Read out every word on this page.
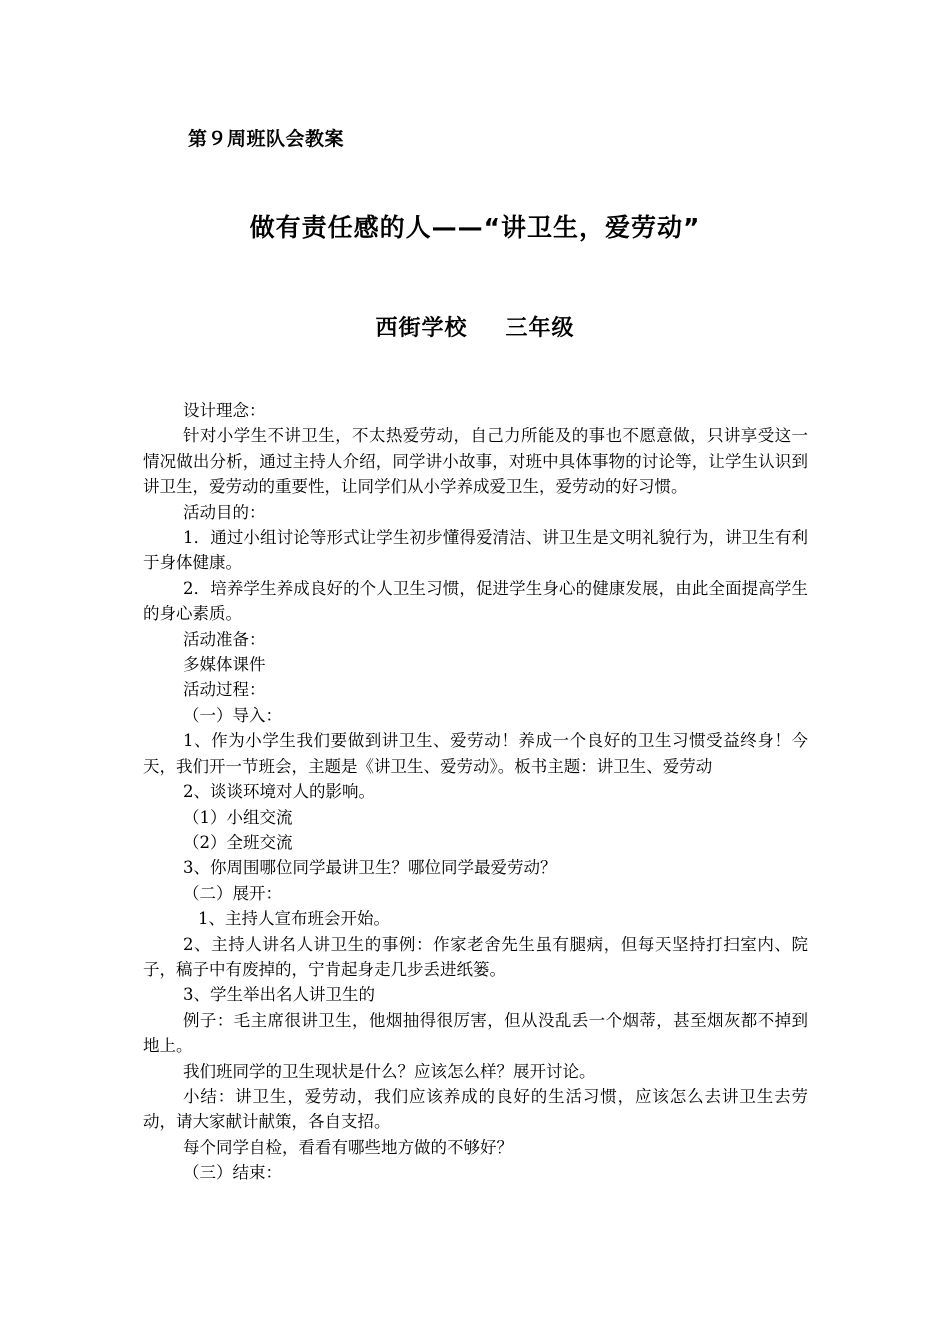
第９周班队会教案
做有责任感的人——“讲卫生，爱劳动”
西街学校 三年级

设计理念：

针对小学生不讲卫生，不太热爱劳动，自己力所能及的事也不愿意做，只讲享受这一情况做出分析，通过主持人介绍，同学讲小故事，对班中具体事物的讨论等，让学生认识到讲卫生，爱劳动的重要性，让同学们从小学养成爱卫生，爱劳动的好习惯。

活动目的：

1．通过小组讨论等形式让学生初步懂得爱清洁、讲卫生是文明礼貌行为，讲卫生有利于身体健康。

2．培养学生养成良好的个人卫生习惯，促进学生身心的健康发展，由此全面提高学生的身心素质。

活动准备：

多媒体课件

活动过程：

（一）导入：

1、作为小学生我们要做到讲卫生、爱劳动！养成一个良好的卫生习惯受益终身！今天，我们开一节班会，主题是《讲卫生、爱劳动》。板书主题：讲卫生、爱劳动

2、谈谈环境对人的影响。

（1）小组交流

（2）全班交流

3、你周围哪位同学最讲卫生？哪位同学最爱劳动？

（二）展开：

1、主持人宣布班会开始。

2、主持人讲名人讲卫生的事例：作家老舍先生虽有腿病，但每天坚持打扫室内、院子，稿子中有废掉的，宁肯起身走几步丢进纸篓。

3、学生举出名人讲卫生的

例子：毛主席很讲卫生，他烟抽得很厉害，但从没乱丢一个烟蒂，甚至烟灰都不掉到地上。

我们班同学的卫生现状是什么？应该怎么样？展开讨论。

小结：讲卫生，爱劳动，我们应该养成的良好的生活习惯，应该怎么去讲卫生去劳动，请大家献计献策，各自支招。

每个同学自检，看看有哪些地方做的不够好？

（三）结束：
